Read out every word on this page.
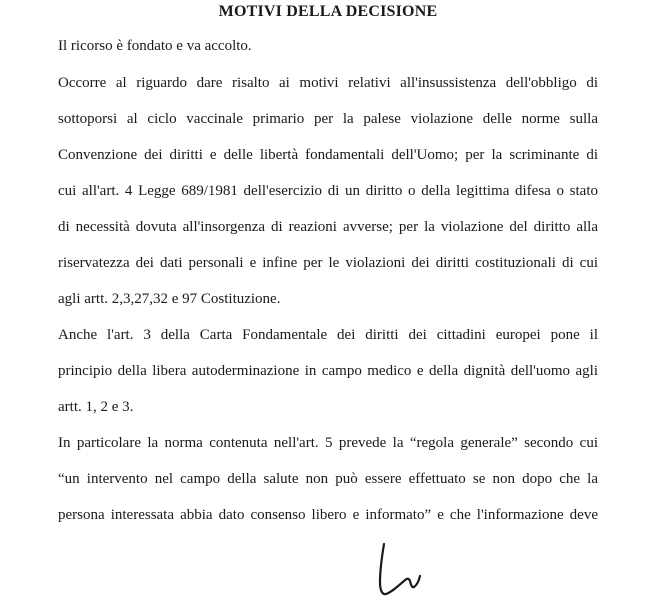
MOTIVI DELLA DECISIONE

Il ricorso è fondato e va accolto.

Occorre al riguardo dare risalto ai motivi relativi all'insussistenza dell'obbligo di

sottoporsi al ciclo vaccinale primario per la palese violazione delle norme sulla

Convenzione dei diritti e delle libertà fondamentali dell'Uomo; per la scriminante di

cui all'art. 4 Legge 689/1981 dell'esercizio di un diritto o della legittima difesa o stato

di necessità dovuta all'insorgenza di reazioni avverse; per la violazione del diritto alla

riservatezza dei dati personali e infine per le violazioni dei diritti costituzionali di cui

agli artt. 2,3,27,32 e 97 Costituzione.

Anche l'art. 3 della Carta Fondamentale dei diritti dei cittadini europei pone il

principio della libera autoderminazione in campo medico e della dignità dell'uomo agli

artt. 1, 2 e 3.

In particolare la norma contenuta nell'art. 5 prevede la “regola generale” secondo cui

“un intervento nel campo della salute non può essere effettuato se non dopo che la

persona interessata abbia dato consenso libero e informato” e che l'informazione deve
